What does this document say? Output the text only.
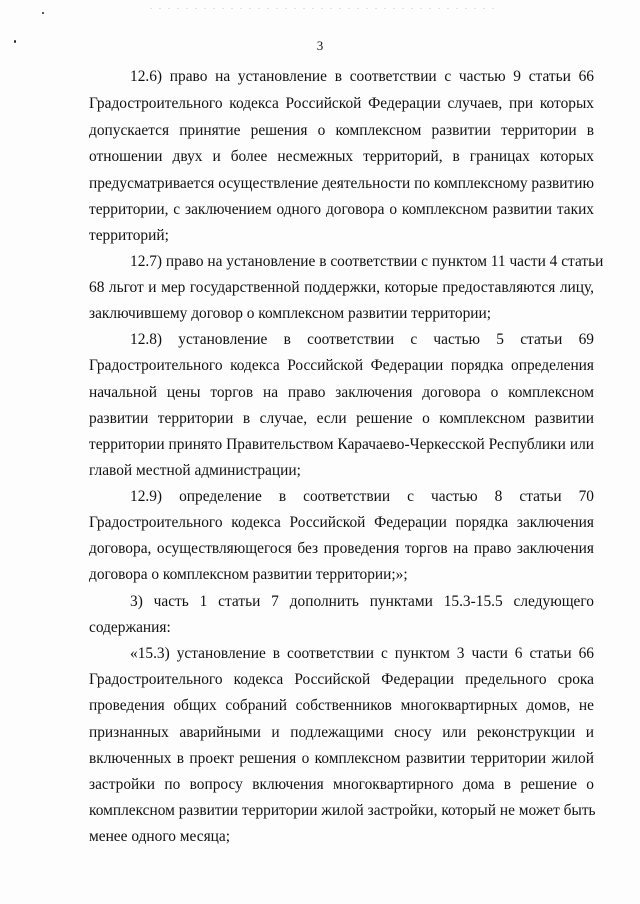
3
12.6) право на установление в соответствии с частью 9 статьи 66
Градостроительного кодекса Российской Федерации случаев, при которых
допускается принятие решения о комплексном развитии территории в
отношении двух и более несмежных территорий, в границах которых
предусматривается осуществление деятельности по комплексному развитию
территории, с заключением одного договора о комплексном развитии таких
территорий;
12.7) право на установление в соответствии с пунктом 11 части 4 статьи
68 льгот и мер государственной поддержки, которые предоставляются лицу,
заключившему договор о комплексном развитии территории;
12.8) установление в соответствии с частью 5 статьи 69
Градостроительного кодекса Российской Федерации порядка определения
начальной цены торгов на право заключения договора о комплексном
развитии территории в случае, если решение о комплексном развитии
территории принято Правительством Карачаево-Черкесской Республики или
главой местной администрации;
12.9) определение в соответствии с частью 8 статьи 70
Градостроительного кодекса Российской Федерации порядка заключения
договора, осуществляющегося без проведения торгов на право заключения
договора о комплексном развитии территории;»;
3) часть 1 статьи 7 дополнить пунктами 15.3-15.5 следующего
содержания:
«15.3) установление в соответствии с пунктом 3 части 6 статьи 66
Градостроительного кодекса Российской Федерации предельного срока
проведения общих собраний собственников многоквартирных домов, не
признанных аварийными и подлежащими сносу или реконструкции и
включенных в проект решения о комплексном развитии территории жилой
застройки по вопросу включения многоквартирного дома в решение о
комплексном развитии территории жилой застройки, который не может быть
менее одного месяца;
